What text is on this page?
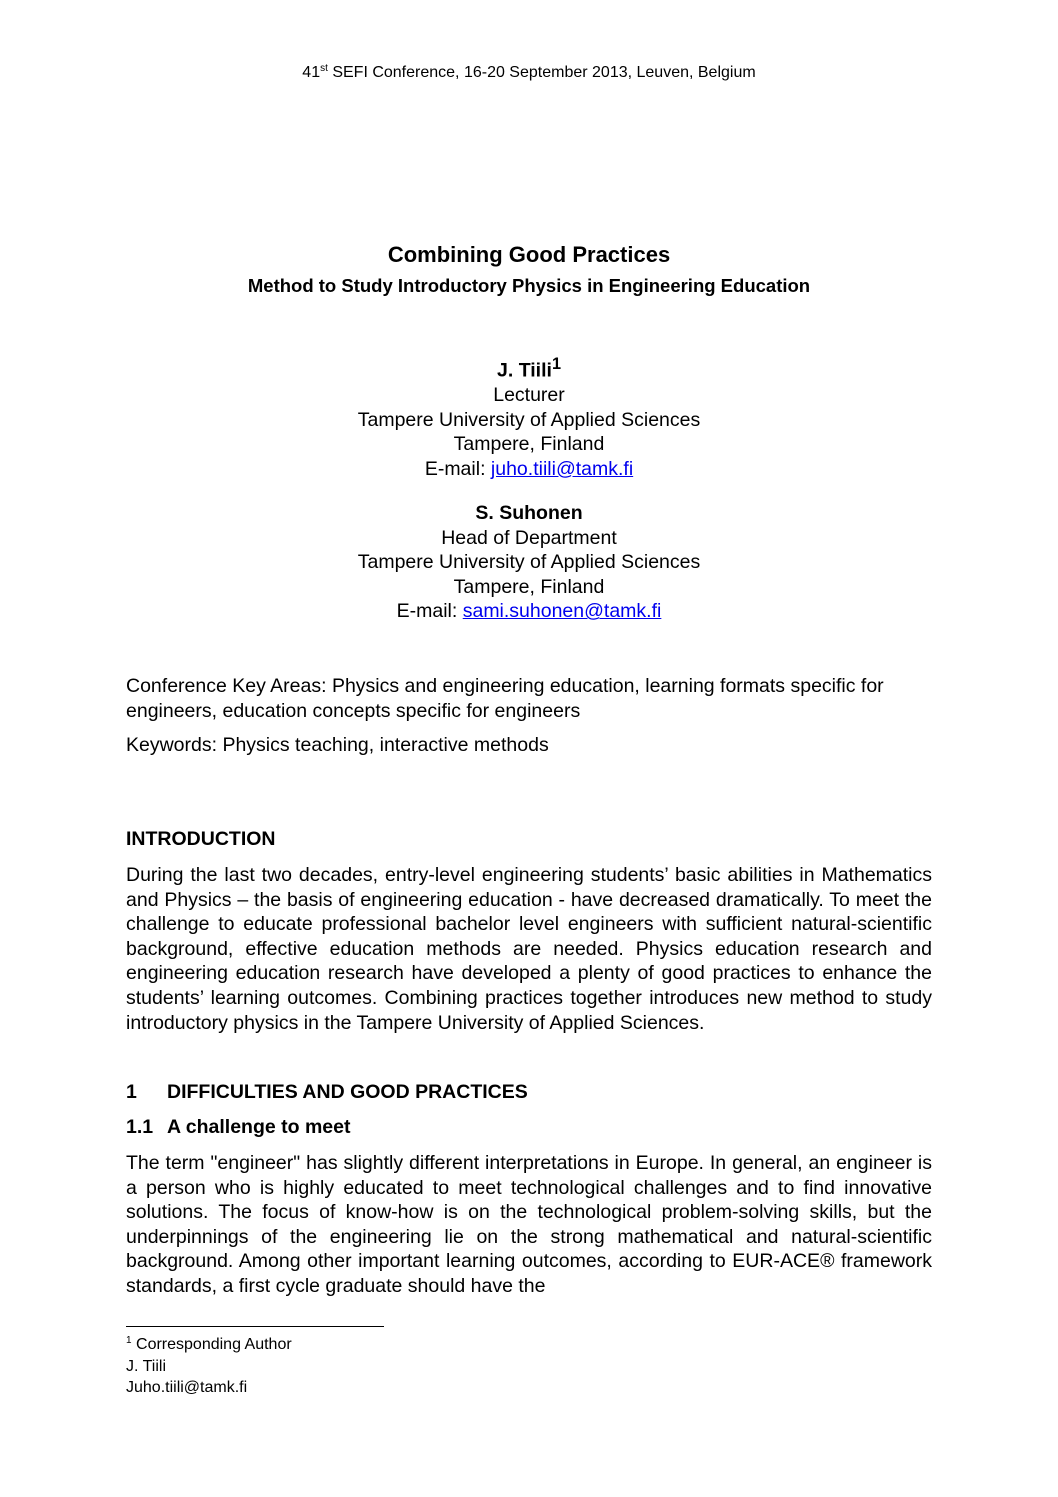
41st SEFI Conference, 16-20 September 2013, Leuven, Belgium
Combining Good Practices
Method to Study Introductory Physics in Engineering Education
J. Tiili$^1$
Lecturer
Tampere University of Applied Sciences
Tampere, Finland
E-mail: juho.tiili@tamk.fi
S. Suhonen
Head of Department
Tampere University of Applied Sciences
Tampere, Finland
E-mail: sami.suhonen@tamk.fi
Conference Key Areas: Physics and engineering education, learning formats specific for engineers, education concepts specific for engineers
Keywords: Physics teaching, interactive methods
INTRODUCTION
During the last two decades, entry-level engineering students’ basic abilities in Mathematics and Physics – the basis of engineering education - have decreased dramatically. To meet the challenge to educate professional bachelor level engineers with sufficient natural-scientific background, effective education methods are needed. Physics education research and engineering education research have developed a plenty of good practices to enhance the students’ learning outcomes. Combining practices together introduces new method to study introductory physics in the Tampere University of Applied Sciences.
1 DIFFICULTIES AND GOOD PRACTICES
1.1 A challenge to meet
The term "engineer" has slightly different interpretations in Europe. In general, an engineer is a person who is highly educated to meet technological challenges and to find innovative solutions. The focus of know-how is on the technological problem-solving skills, but the underpinnings of the engineering lie on the strong mathematical and natural-scientific background. Among other important learning outcomes, according to EUR-ACE® framework standards, a first cycle graduate should have the
$^1$ Corresponding Author
J. Tiili
Juho.tiili@tamk.fi
